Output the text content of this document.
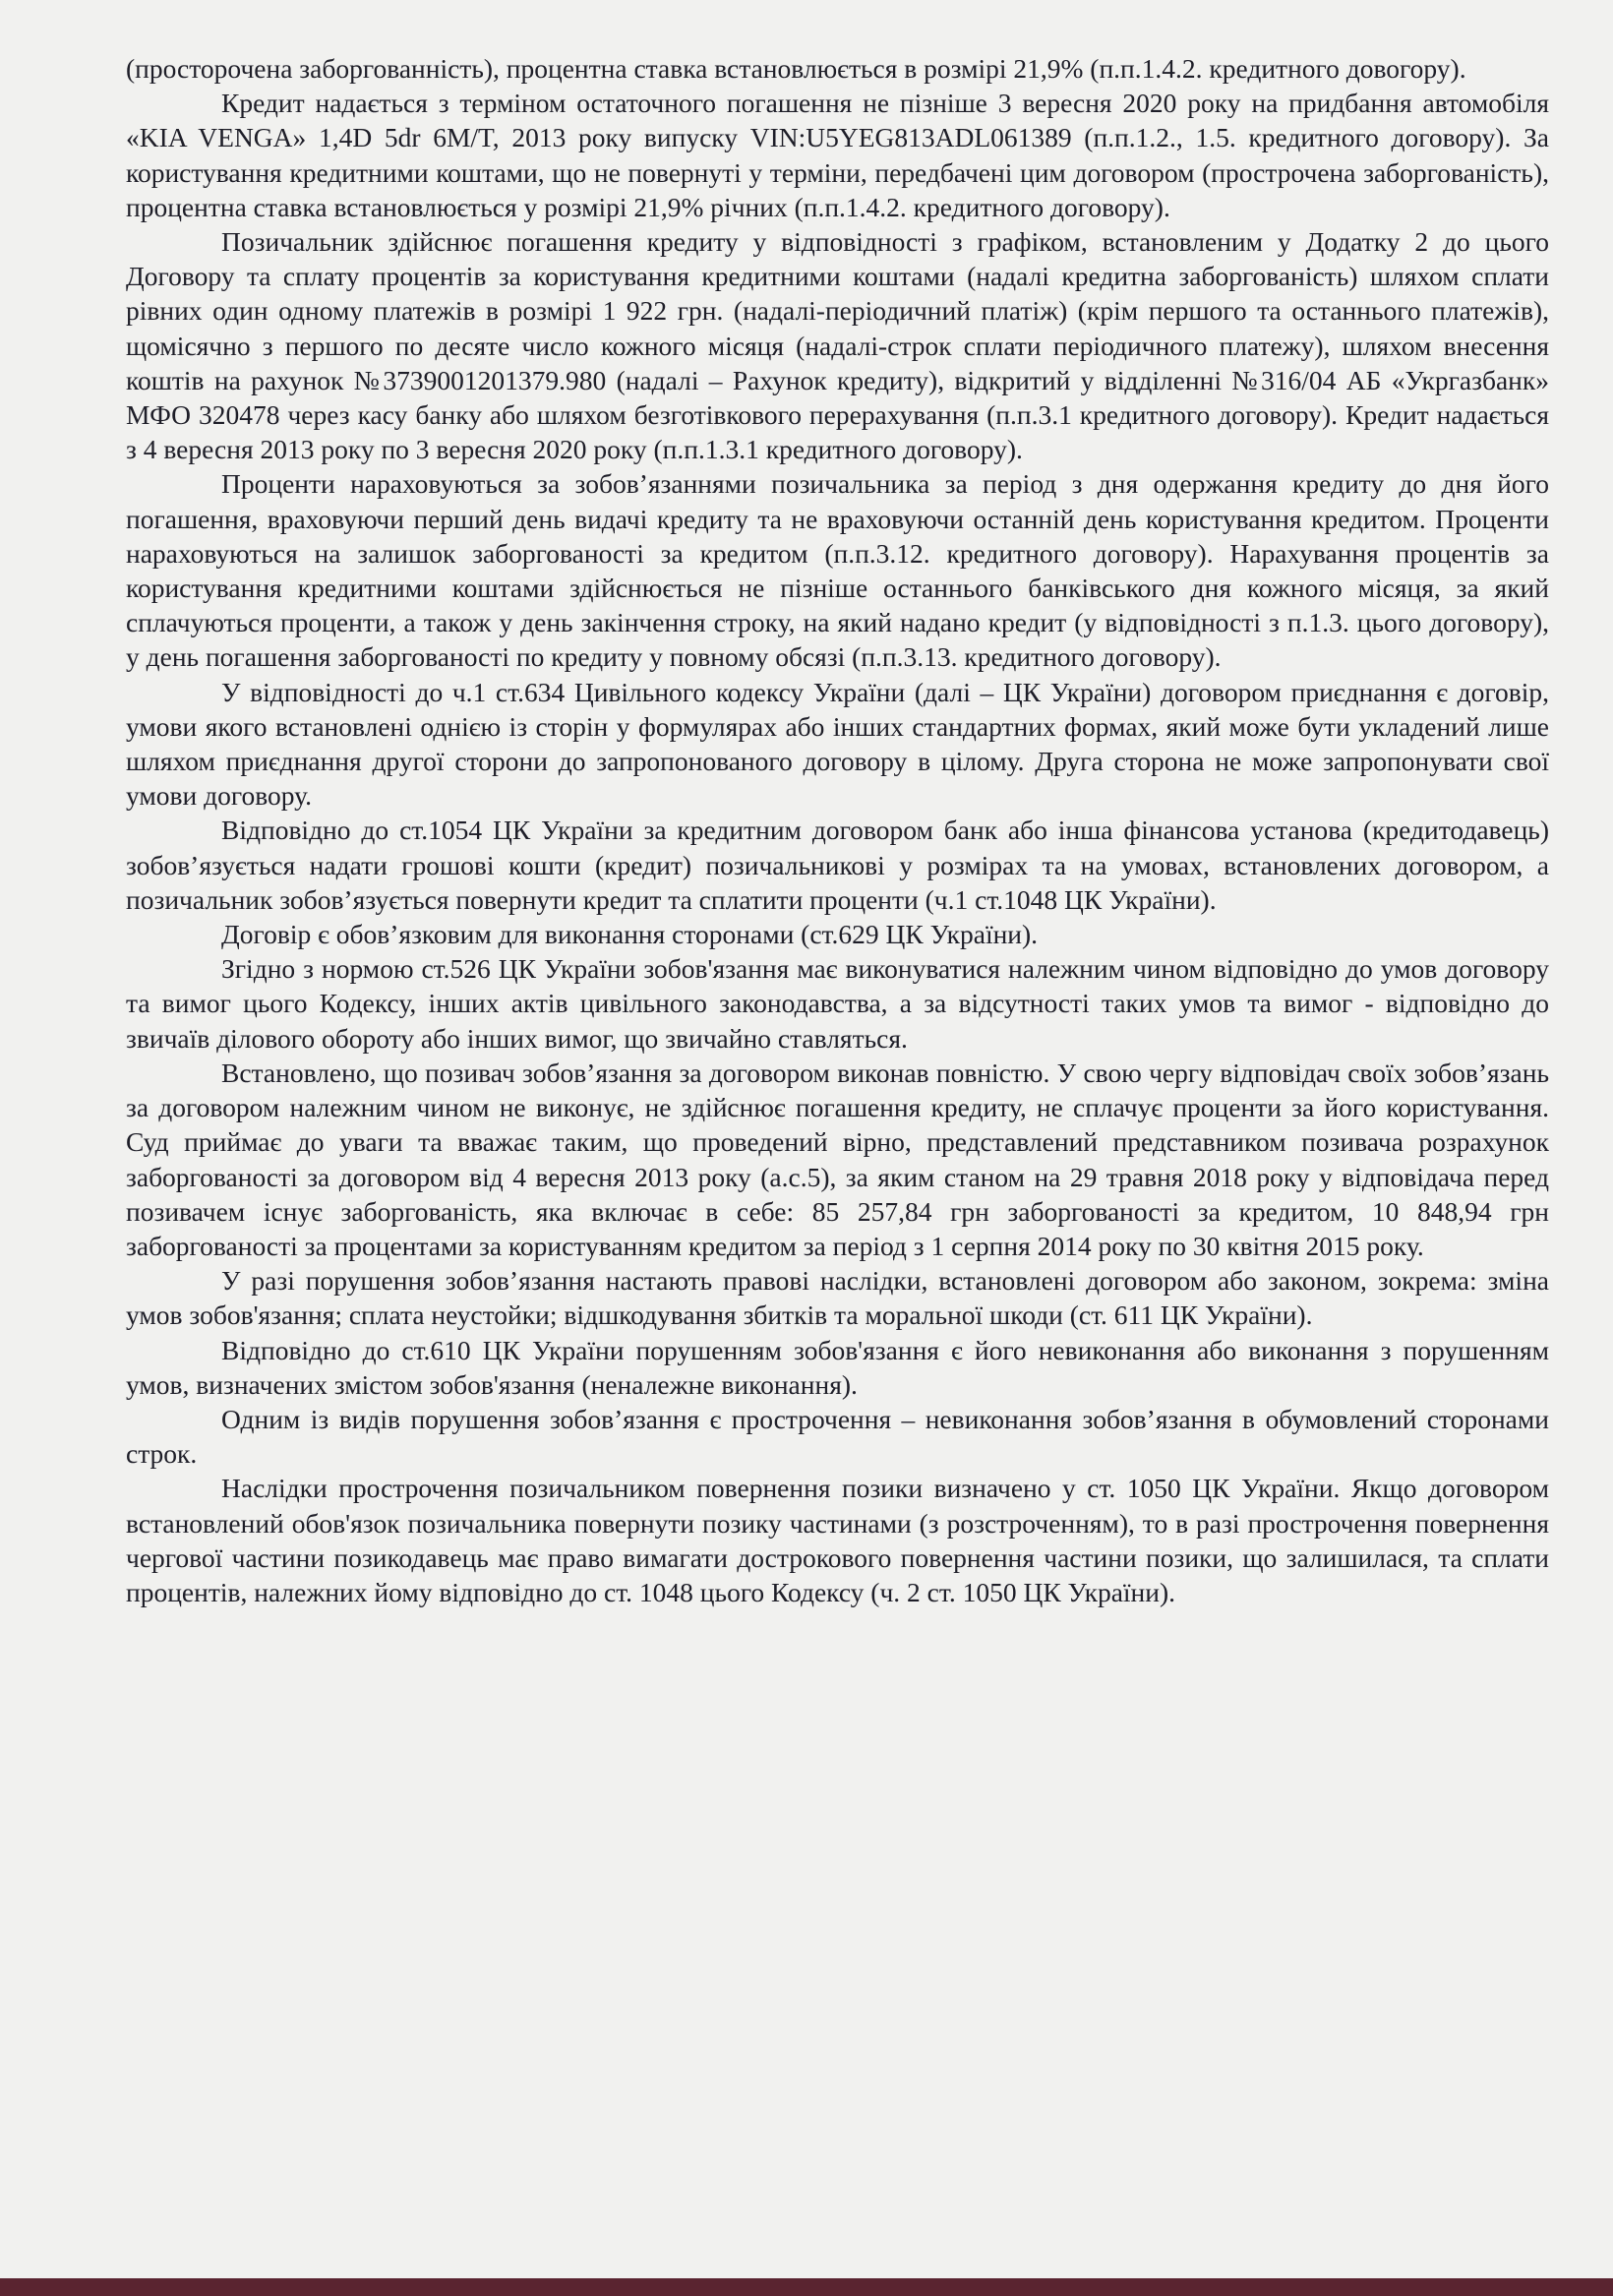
(просторочена заборгованність), процентна ставка встановлюється в розмірі 21,9% (п.п.1.4.2. кредитного довогору).

Кредит надається з терміном остаточного погашення не пізніше 3 вересня 2020 року на придбання автомобіля «KIA VENGA» 1,4D 5dr 6M/T, 2013 року випуску VIN:U5YEG813ADL061389 (п.п.1.2., 1.5. кредитного договору). За користування кредитними коштами, що не повернуті у терміни, передбачені цим договором (прострочена заборгованість), процентна ставка встановлюється у розмірі 21,9% річних (п.п.1.4.2. кредитного договору).

Позичальник здійснює погашення кредиту у відповідності з графіком, встановленим у Додатку 2 до цього Договору та сплату процентів за користування кредитними коштами (надалі кредитна заборгованість) шляхом сплати рівних один одному платежів в розмірі 1 922 грн. (надалі-періодичний платіж) (крім першого та останнього платежів), щомісячно з першого по десяте число кожного місяця (надалі-строк сплати періодичного платежу), шляхом внесення коштів на рахунок №3739001201379.980 (надалі – Рахунок кредиту), відкритий у відділенні №316/04 АБ «Укргазбанк» МФО 320478 через касу банку або шляхом безготівкового перерахування (п.п.3.1 кредитного договору). Кредит надається з 4 вересня 2013 року по 3 вересня 2020 року (п.п.1.3.1 кредитного договору).

Проценти нараховуються за зобов’язаннями позичальника за період з дня одержання кредиту до дня його погашення, враховуючи перший день видачі кредиту та не враховуючи останній день користування кредитом. Проценти нараховуються на залишок заборгованості за кредитом (п.п.3.12. кредитного договору). Нарахування процентів за користування кредитними коштами здійснюється не пізніше останнього банківського дня кожного місяця, за який сплачуються проценти, а також у день закінчення строку, на який надано кредит (у відповідності з п.1.3. цього договору), у день погашення заборгованості по кредиту у повному обсязі (п.п.3.13. кредитного договору).

У відповідності до ч.1 ст.634 Цивільного кодексу України (далі – ЦК України) договором приєднання є договір, умови якого встановлені однією із сторін у формулярах або інших стандартних формах, який може бути укладений лише шляхом приєднання другої сторони до запропонованого договору в цілому. Друга сторона не може запропонувати свої умови договору.

Відповідно до ст.1054 ЦК України за кредитним договором банк або інша фінансова установа (кредитодавець) зобов’язується надати грошові кошти (кредит) позичальникові у розмірах та на умовах, встановлених договором, а позичальник зобов’язується повернути кредит та сплатити проценти (ч.1 ст.1048 ЦК України).

Договір є обов’язковим для виконання сторонами (ст.629 ЦК України).

Згідно з нормою ст.526 ЦК України зобов'язання має виконуватися належним чином відповідно до умов договору та вимог цього Кодексу, інших актів цивільного законодавства, а за відсутності таких умов та вимог - відповідно до звичаїв ділового обороту або інших вимог, що звичайно ставляться.

Встановлено, що позивач зобов’язання за договором виконав повністю. У свою чергу відповідач своїх зобов’язань за договором належним чином не виконує, не здійснює погашення кредиту, не сплачує проценти за його користування. Суд приймає до уваги та вважає таким, що проведений вірно, представлений представником позивача розрахунок заборгованості за договором від 4 вересня 2013 року (а.с.5), за яким станом на 29 травня 2018 року у відповідача перед позивачем існує заборгованість, яка включає в себе: 85 257,84 грн заборгованості за кредитом, 10 848,94 грн заборгованості за процентами за користуванням кредитом за період з 1 серпня 2014 року по 30 квітня 2015 року.

У разі порушення зобов’язання настають правові наслідки, встановлені договором або законом, зокрема: зміна умов зобов'язання; сплата неустойки; відшкодування збитків та моральної шкоди (ст. 611 ЦК України).

Відповідно до ст.610 ЦК України порушенням зобов'язання є його невиконання або виконання з порушенням умов, визначених змістом зобов'язання (неналежне виконання).

Одним із видів порушення зобов’язання є прострочення – невиконання зобов’язання в обумовлений сторонами строк.

Наслідки прострочення позичальником повернення позики визначено у ст. 1050 ЦК України. Якщо договором встановлений обов'язок позичальника повернути позику частинами (з розстроченням), то в разі прострочення повернення чергової частини позикодавець має право вимагати дострокового повернення частини позики, що залишилася, та сплати процентів, належних йому відповідно до ст. 1048 цього Кодексу (ч. 2 ст. 1050 ЦК України).
